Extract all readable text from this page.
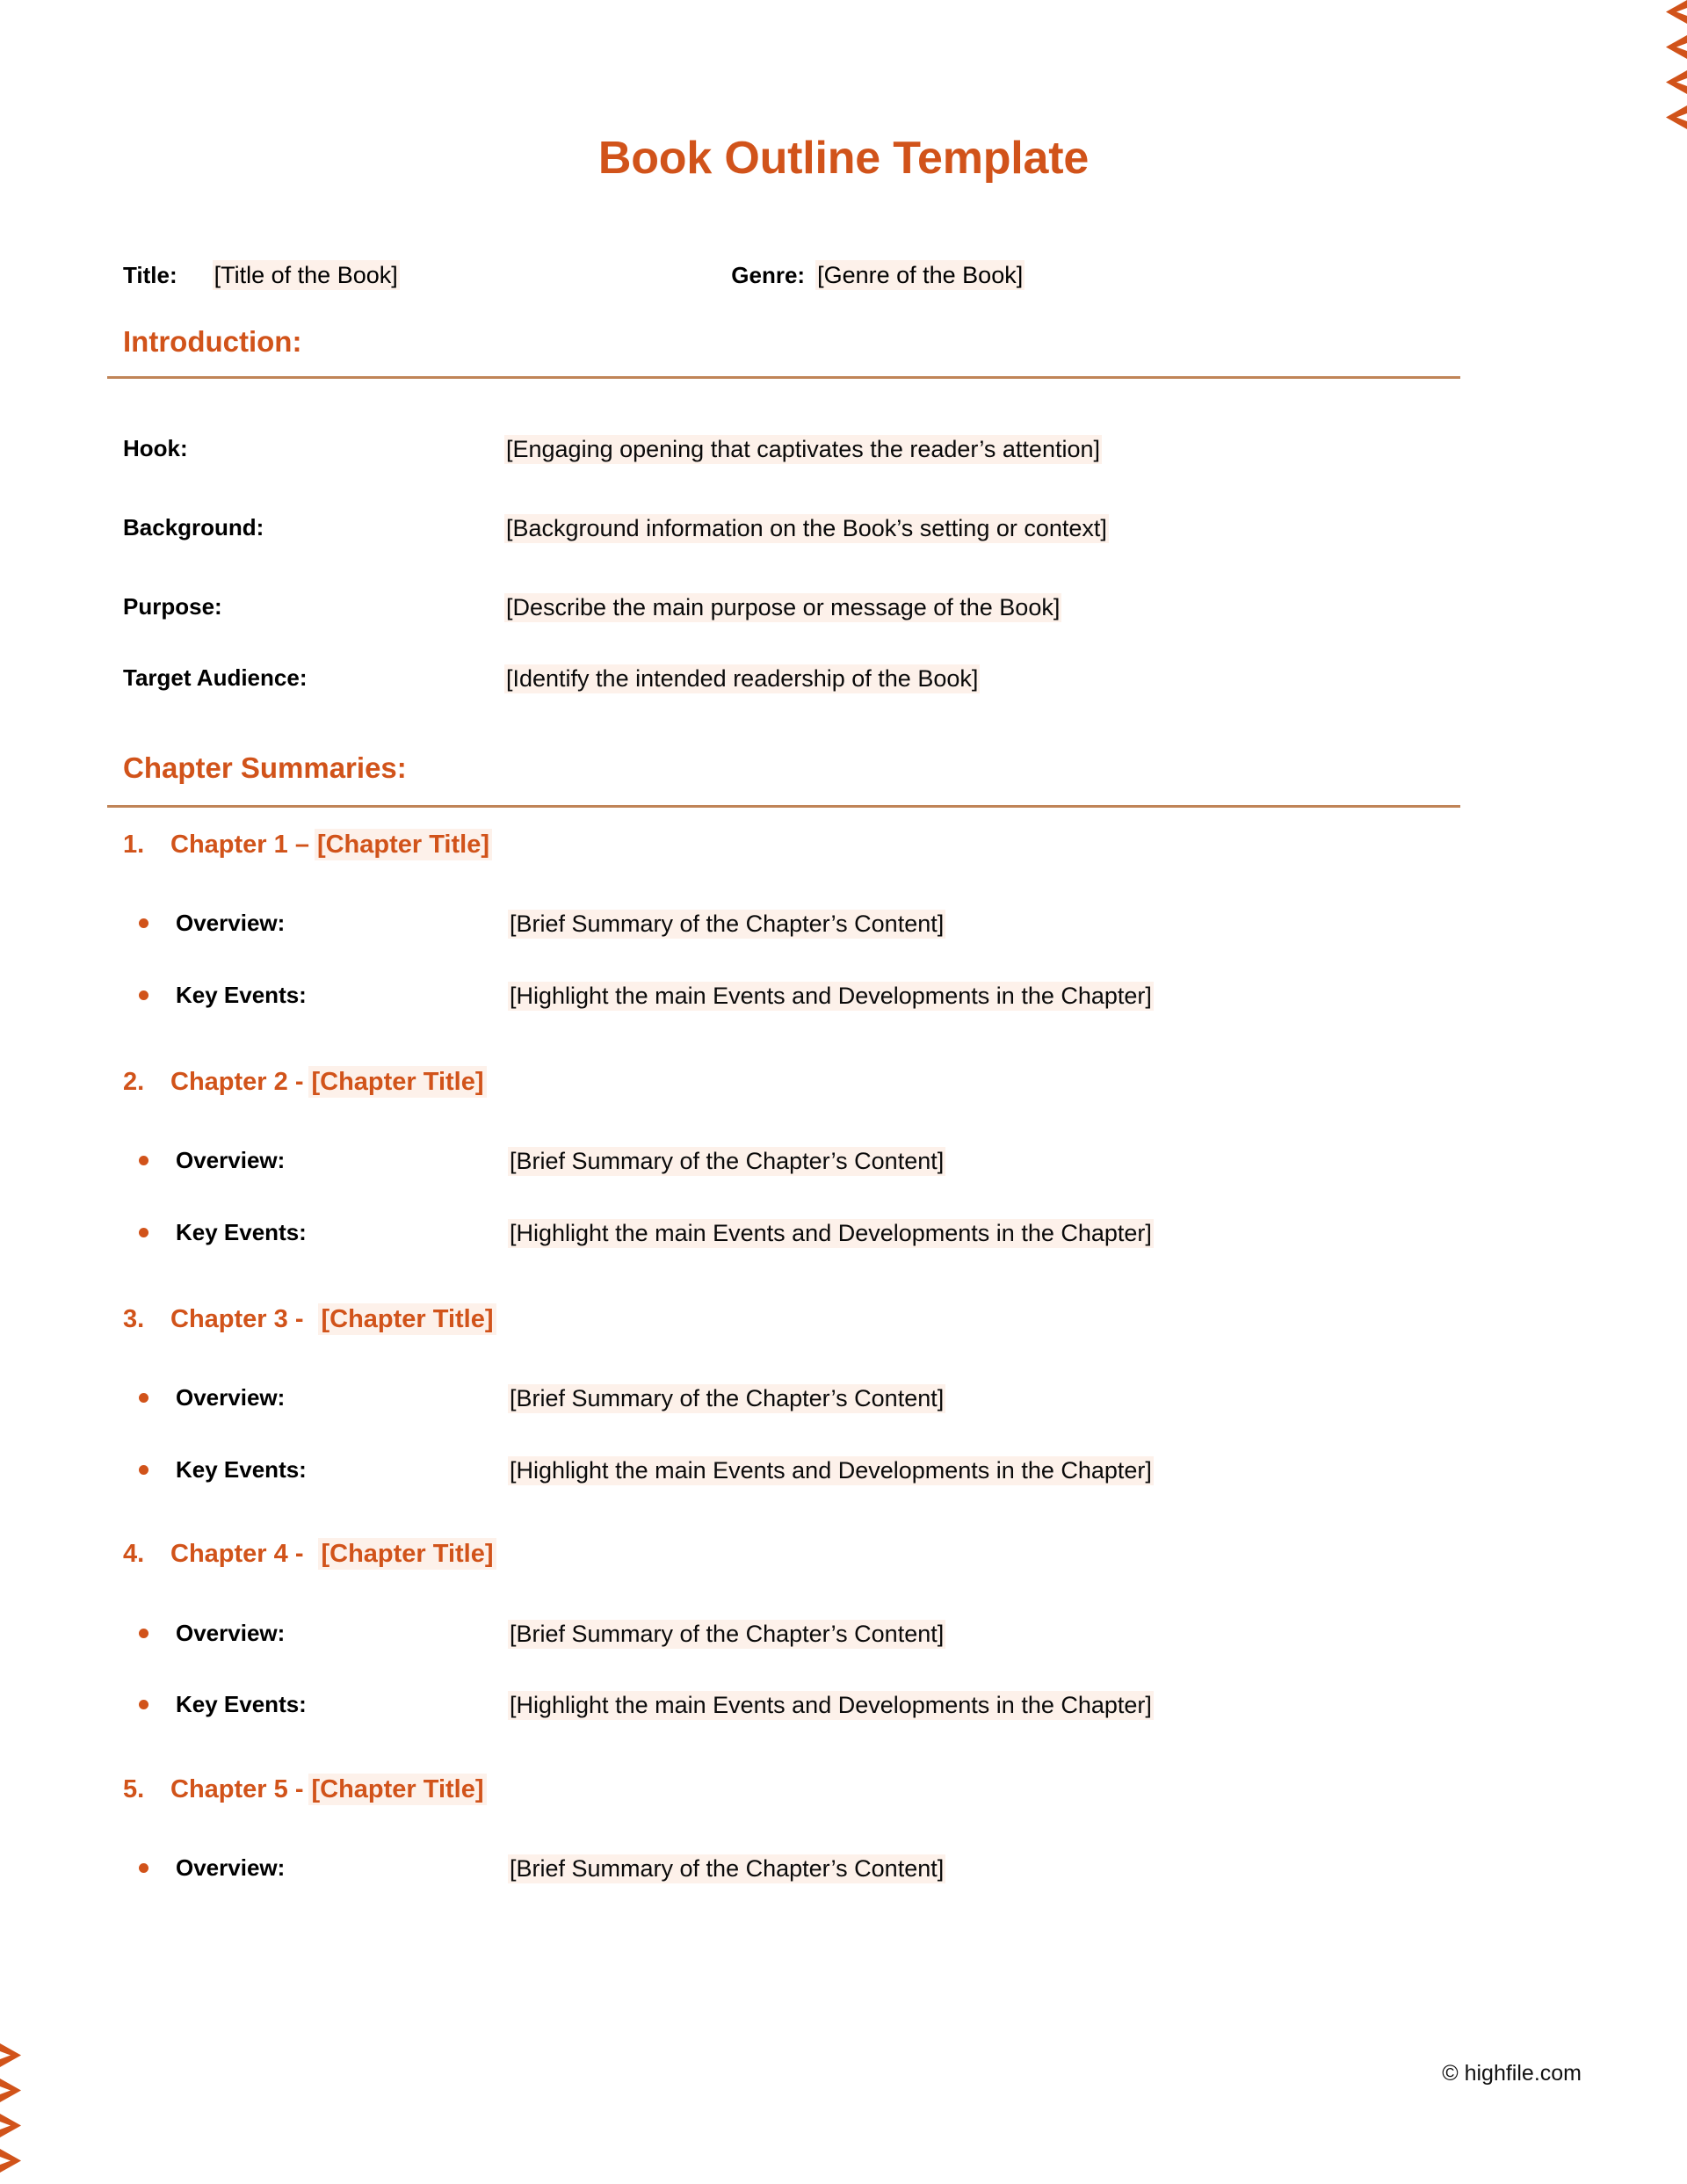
Book Outline Template
Title: [Title of the Book]	Genre: [Genre of the Book]
Introduction:
Hook:	[Engaging opening that captivates the reader’s attention]
Background:	[Background information on the Book’s setting or context]
Purpose:	[Describe the main purpose or message of the Book]
Target Audience:	[Identify the intended readership of the Book]
Chapter Summaries:
1. Chapter 1 – [Chapter Title]
Overview:	[Brief Summary of the Chapter’s Content]
Key Events:	[Highlight the main Events and Developments in the Chapter]
2. Chapter 2 - [Chapter Title]
Overview:	[Brief Summary of the Chapter’s Content]
Key Events:	[Highlight the main Events and Developments in the Chapter]
3. Chapter 3 - [Chapter Title]
Overview:	[Brief Summary of the Chapter’s Content]
Key Events:	[Highlight the main Events and Developments in the Chapter]
4. Chapter 4 - [Chapter Title]
Overview:	[Brief Summary of the Chapter’s Content]
Key Events:	[Highlight the main Events and Developments in the Chapter]
5. Chapter 5 - [Chapter Title]
Overview:	[Brief Summary of the Chapter’s Content]
© highfile.com
